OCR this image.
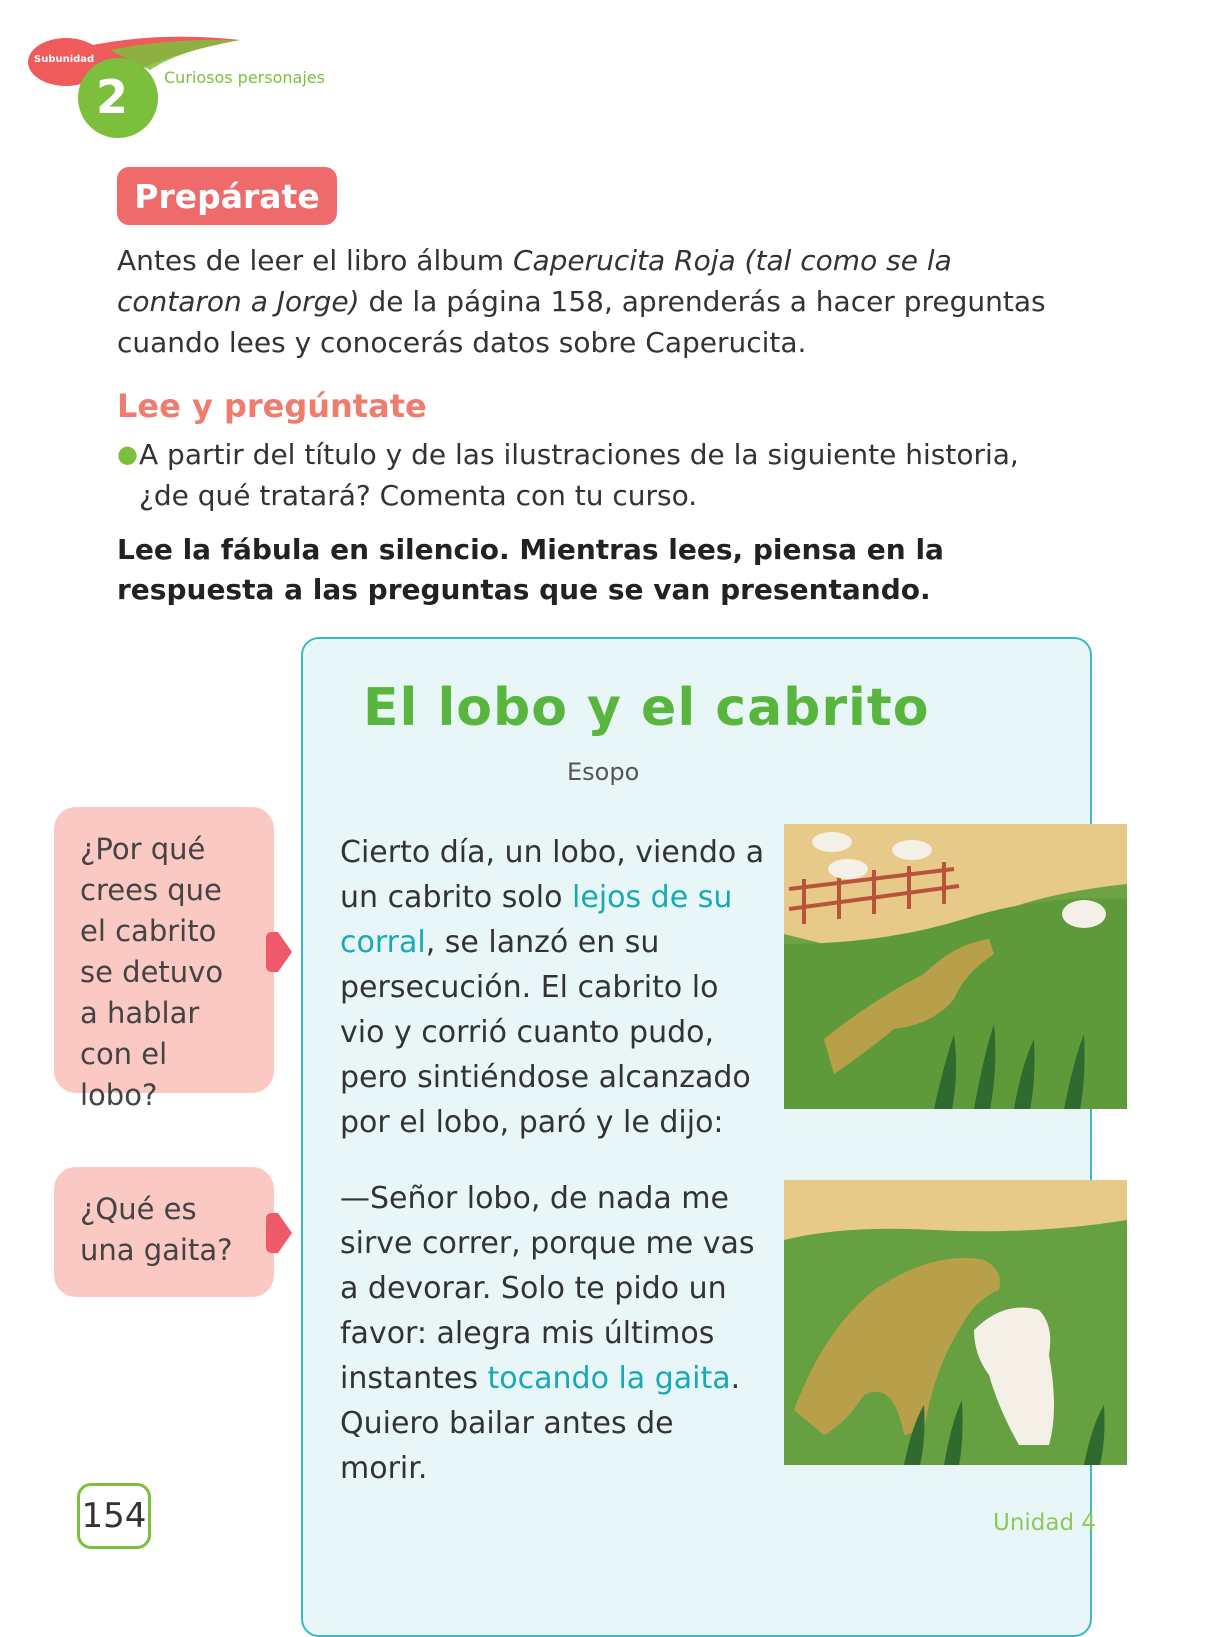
Subunidad
2 Curiosos personajes
Prepárate
Antes de leer el libro álbum Caperucita Roja (tal como se la contaron a Jorge) de la página 158, aprenderás a hacer preguntas cuando lees y conocerás datos sobre Caperucita.
Lee y pregúntate
● A partir del título y de las ilustraciones de la siguiente historia, ¿de qué tratará? Comenta con tu curso.
Lee la fábula en silencio. Mientras lees, piensa en la respuesta a las preguntas que se van presentando.
El lobo y el cabrito
Esopo
Cierto día, un lobo, viendo a un cabrito solo lejos de su corral, se lanzó en su persecución. El cabrito lo vio y corrió cuanto pudo, pero sintiéndose alcanzado por el lobo, paró y le dijo:
—Señor lobo, de nada me sirve correr, porque me vas a devorar. Solo te pido un favor: alegra mis últimos instantes tocando la gaita.
Quiero bailar antes de morir.
¿Por qué crees que el cabrito se detuvo a hablar con el lobo?
¿Qué es una gaita?
154	Unidad 4
